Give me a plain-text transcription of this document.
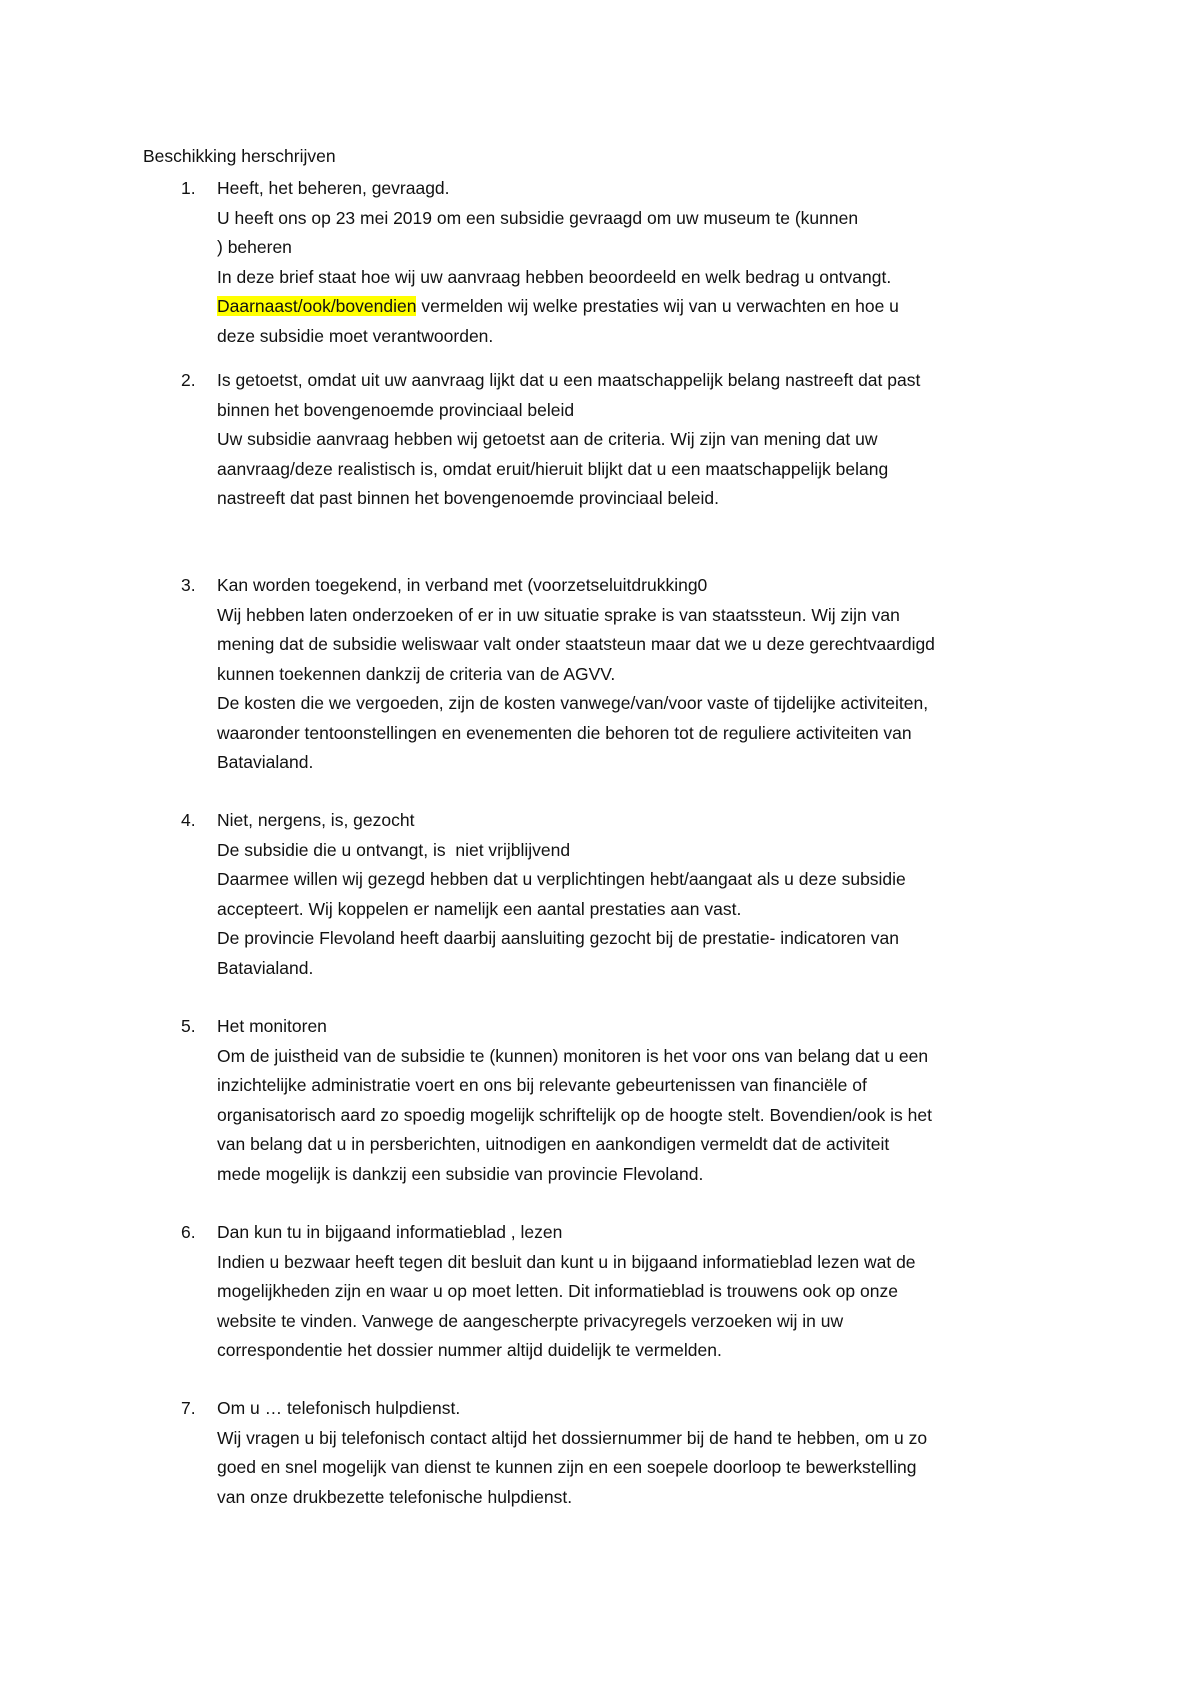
Beschikking herschrijven
1. Heeft, het beheren, gevraagd.
U heeft ons op 23 mei 2019 om een subsidie gevraagd om uw museum te (kunnen
) beheren
In deze brief staat hoe wij uw aanvraag hebben beoordeeld en welk bedrag u ontvangt.
Daarnaast/ook/bovendien vermelden wij welke prestaties wij van u verwachten en hoe u
deze subsidie moet verantwoorden.
2. Is getoetst, omdat uit uw aanvraag lijkt dat u een maatschappelijk belang nastreeft dat past
binnen het bovengenoemde provinciaal beleid
Uw subsidie aanvraag hebben wij getoetst aan de criteria. Wij zijn van mening dat uw
aanvraag/deze realistisch is, omdat eruit/hieruit blijkt dat u een maatschappelijk belang
nastreeft dat past binnen het bovengenoemde provinciaal beleid.
3. Kan worden toegekend, in verband met (voorzetseluitdrukking0
Wij hebben laten onderzoeken of er in uw situatie sprake is van staatssteun. Wij zijn van
mening dat de subsidie weliswaar valt onder staatsteun maar dat we u deze gerechtvaardigd
kunnen toekennen dankzij de criteria van de AGVV.
De kosten die we vergoeden, zijn de kosten vanwege/van/voor vaste of tijdelijke activiteiten,
waaronder tentoonstellingen en evenementen die behoren tot de reguliere activiteiten van
Batavialand.
4. Niet, nergens, is, gezocht
De subsidie die u ontvangt, is  niet vrijblijvend
Daarmee willen wij gezegd hebben dat u verplichtingen hebt/aangaat als u deze subsidie
accepteert. Wij koppelen er namelijk een aantal prestaties aan vast.
De provincie Flevoland heeft daarbij aansluiting gezocht bij de prestatie- indicatoren van
Batavialand.
5. Het monitoren
Om de juistheid van de subsidie te (kunnen) monitoren is het voor ons van belang dat u een
inzichtelijke administratie voert en ons bij relevante gebeurtenissen van financiële of
organisatorisch aard zo spoedig mogelijk schriftelijk op de hoogte stelt. Bovendien/ook is het
van belang dat u in persberichten, uitnodigen en aankondigen vermeldt dat de activiteit
mede mogelijk is dankzij een subsidie van provincie Flevoland.
6. Dan kun tu in bijgaand informatieblad , lezen
Indien u bezwaar heeft tegen dit besluit dan kunt u in bijgaand informatieblad lezen wat de
mogelijkheden zijn en waar u op moet letten. Dit informatieblad is trouwens ook op onze
website te vinden. Vanwege de aangescherpte privacyregels verzoeken wij in uw
correspondentie het dossier nummer altijd duidelijk te vermelden.
7. Om u … telefonisch hulpdienst.
Wij vragen u bij telefonisch contact altijd het dossiernummer bij de hand te hebben, om u zo
goed en snel mogelijk van dienst te kunnen zijn en een soepele doorloop te bewerkstelling
van onze drukbezette telefonische hulpdienst.
